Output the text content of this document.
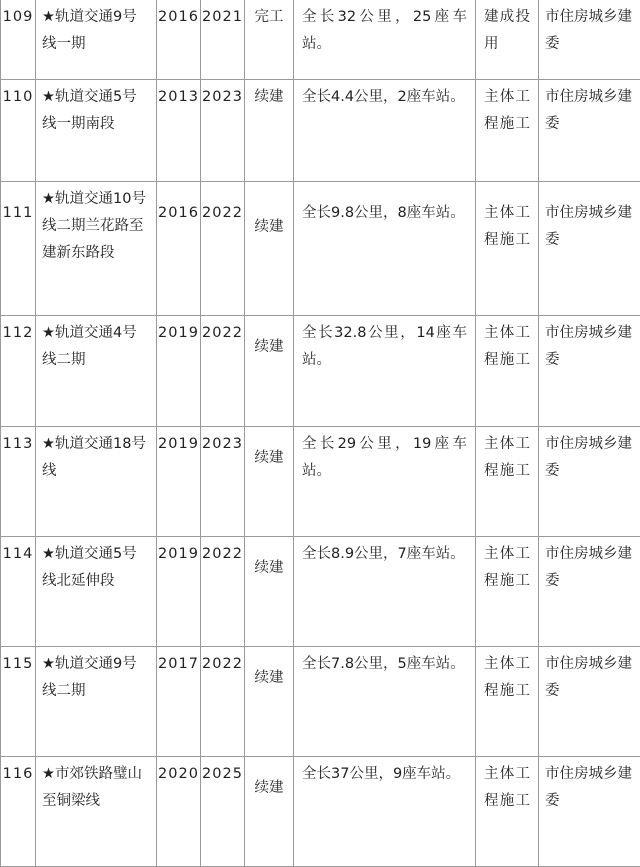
109	★轨道交通9号线一期	2016	2021	完工	全长32公里，25座车站。	建成投用	市住房城乡建委

110	★轨道交通5号线一期南段	2013	2023	续建	全长4.4公里，2座车站。	主体工程施工	市住房城乡建委

111	★轨道交通10号线二期兰花路至建新东路段	2016	2022	续建	全长9.8公里，8座车站。	主体工程施工	市住房城乡建委

112	★轨道交通4号线二期	2019	2022	续建	全长32.8公里，14座车站。	主体工程施工	市住房城乡建委

113	★轨道交通18号线	2019	2023	续建	全长29公里，19座车站。	主体工程施工	市住房城乡建委

114	★轨道交通5号线北延伸段	2019	2022	续建	全长8.9公里，7座车站。	主体工程施工	市住房城乡建委

115	★轨道交通9号线二期	2017	2022	续建	全长7.8公里，5座车站。	主体工程施工	市住房城乡建委

116	★市郊铁路璧山至铜梁线	2020	2025	续建	全长37公里，9座车站。	主体工程施工	市住房城乡建委
